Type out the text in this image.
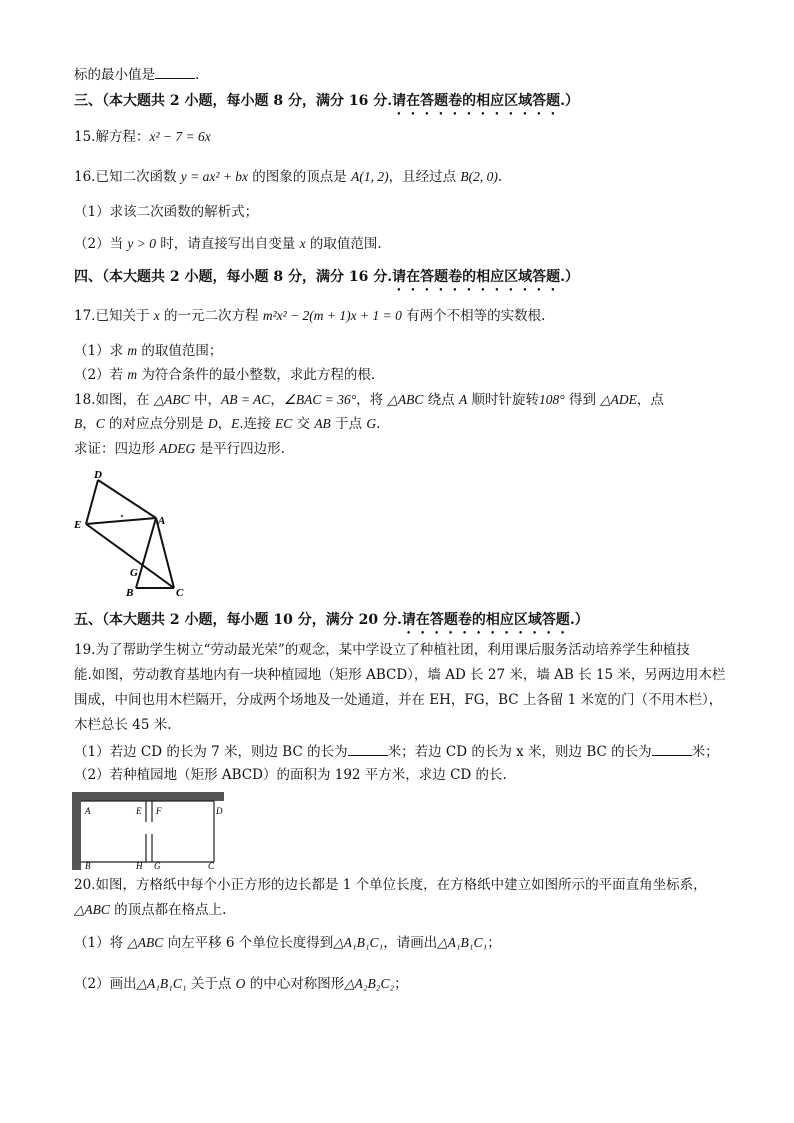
标的最小值是	.
三、（本大题共 2 小题，每小题 8 分，满分 16 分.请在答题卷的相应区域答题.）
15.解方程：x² − 7 = 6x
16.已知二次函数 y = ax² + bx 的图象的顶点是 A(1, 2)，且经过点 B(2, 0).
（1）求该二次函数的解析式；
（2）当 y > 0 时，请直接写出自变量 x 的取值范围.
四、（本大题共 2 小题，每小题 8 分，满分 16 分.请在答题卷的相应区域答题.）
17.已知关于 x 的一元二次方程 m²x² − 2(m + 1)x + 1 = 0 有两个不相等的实数根.
（1）求 m 的取值范围；
（2）若 m 为符合条件的最小整数，求此方程的根.
18.如图，在 △ABC 中，AB = AC，∠BAC = 36°，将 △ABC 绕点 A 顺时针旋转108° 得到 △ADE，点
B，C 的对应点分别是 D，E.连接 EC 交 AB 于点 G.
求证：四边形 ADEG 是平行四边形.
D
E	A
G
B	C
五、（本大题共 2 小题，每小题 10 分，满分 20 分.请在答题卷的相应区域答题.）
19.为了帮助学生树立“劳动最光荣”的观念，某中学设立了种植社团，利用课后服务活动培养学生种植技
能.如图，劳动教育基地内有一块种植园地（矩形 ABCD），墙 AD 长 27 米，墙 AB 长 15 米，另两边用木栏
围成，中间也用木栏隔开，分成两个场地及一处通道，并在 EH，FG，BC 上各留 1 米宽的门（不用木栏），
木栏总长 45 米.
（1）若边 CD 的长为 7 米，则边 BC 的长为	米；若边 CD 的长为 x 米，则边 BC 的长为	米；
（2）若种植园地（矩形 ABCD）的面积为 192 平方米，求边 CD 的长.
A	E F	D
B	H G	C
20.如图，方格纸中每个小正方形的边长都是 1 个单位长度，在方格纸中建立如图所示的平面直角坐标系，
△ABC 的顶点都在格点上.
（1）将 △ABC 向左平移 6 个单位长度得到△A₁B₁C₁，请画出△A₁B₁C₁；
（2）画出△A₁B₁C₁ 关于点 O 的中心对称图形△A₂B₂C₂；
